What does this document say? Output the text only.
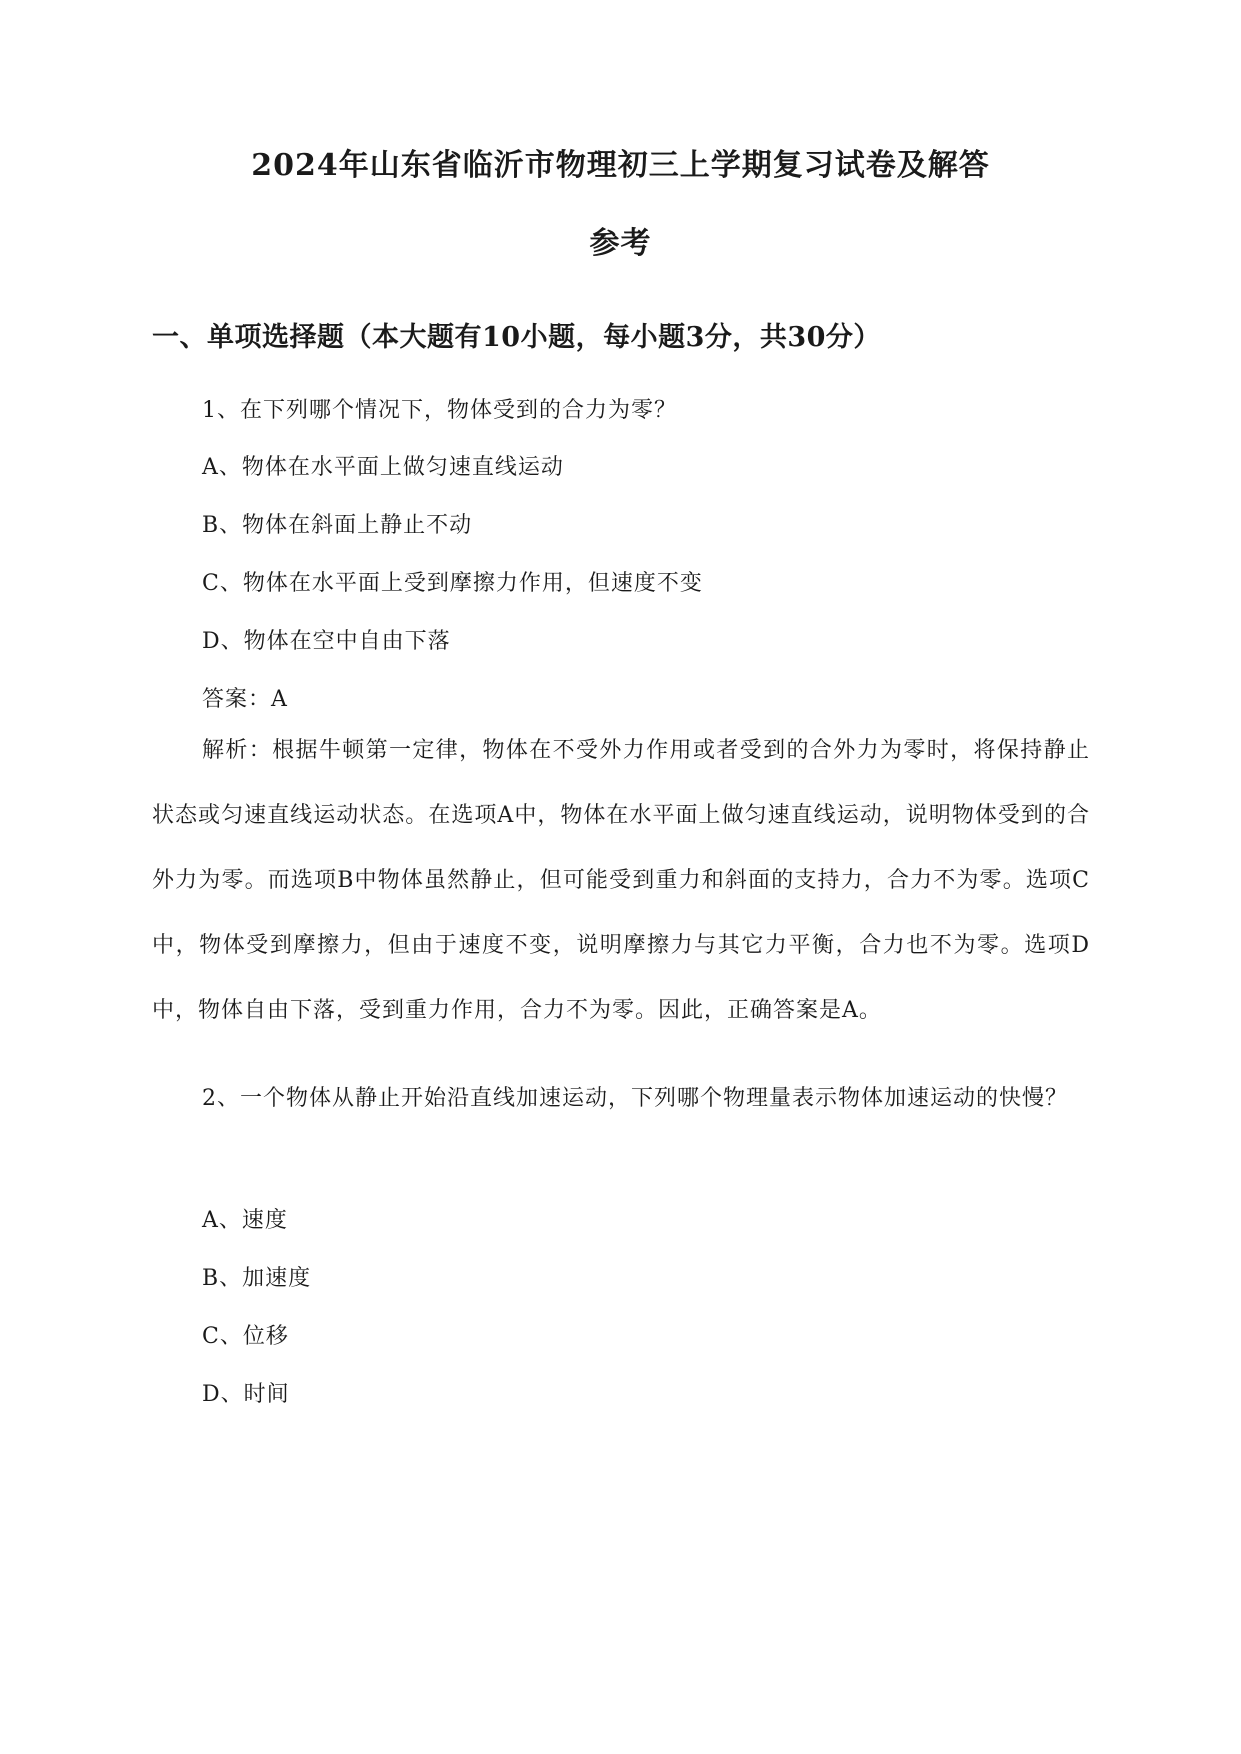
2024年山东省临沂市物理初三上学期复习试卷及解答
参考
一、单项选择题（本大题有10小题，每小题3分，共30分）
1、在下列哪个情况下，物体受到的合力为零？
A、物体在水平面上做匀速直线运动
B、物体在斜面上静止不动
C、物体在水平面上受到摩擦力作用，但速度不变
D、物体在空中自由下落
答案：A
解析：根据牛顿第一定律，物体在不受外力作用或者受到的合外力为零时，将保持静止状态或匀速直线运动状态。在选项A中，物体在水平面上做匀速直线运动，说明物体受到的合外力为零。而选项B中物体虽然静止，但可能受到重力和斜面的支持力，合力不为零。选项C中，物体受到摩擦力，但由于速度不变，说明摩擦力与其它力平衡，合力也不为零。选项D中，物体自由下落，受到重力作用，合力不为零。因此，正确答案是A。
2、一个物体从静止开始沿直线加速运动，下列哪个物理量表示物体加速运动的快慢？
A、速度
B、加速度
C、位移
D、时间
